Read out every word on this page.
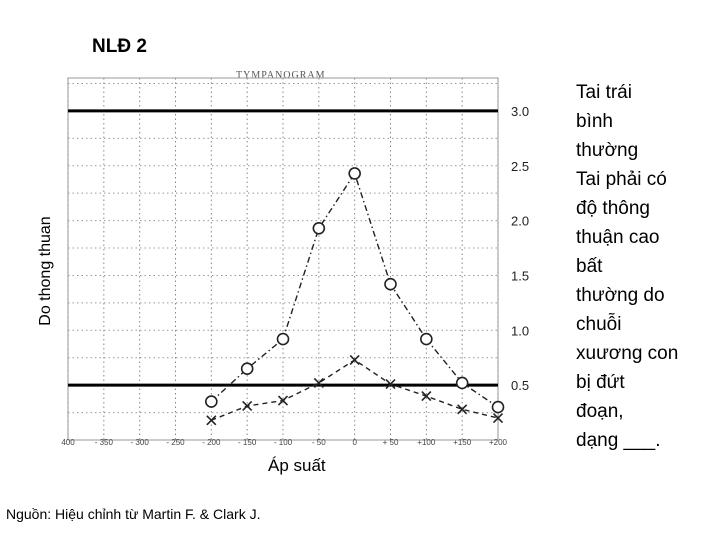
NLĐ 2
TYMPANOGRAM
3.0
2.5
2.0
1.5
1.0
0.5
400	- 350 - 300 - 250 - 200 - 150 - 100 - 50	0	+ 50 +100 +150 +200
Do thong thuan
Áp suất
Nguồn: Hiệu chỉnh từ Martin F. & Clark J.
Tai trái
bình
thường
Tai phải có
độ thông
thuận cao
bất
thường do
chuỗi
xuương con
bị đứt
đoạn,
dạng ___.
